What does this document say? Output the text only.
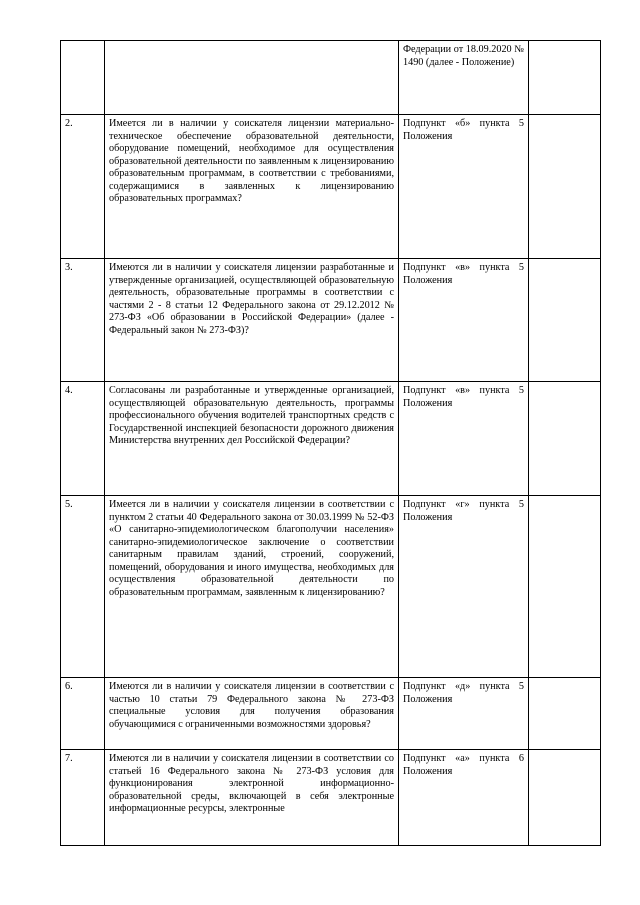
		Федерации от 18.09.2020 № 1490 (далее - Положение)	
2.	Имеется ли в наличии у соискателя лицензии материально-техническое обеспечение образовательной деятельности, оборудование помещений, необходимое для осуществления образовательной деятельности по заявленным к лицензированию образовательным программам, в соответствии с требованиями, содержащимися в заявленных к лицензированию образовательных программах?	Подпункт «б» пункта 5 Положения	
3.	Имеются ли в наличии у соискателя лицензии разработанные и утвержденные организацией, осуществляющей образовательную деятельность, образовательные программы в соответствии с частями 2 - 8 статьи 12 Федерального закона от 29.12.2012 № 273-ФЗ «Об образовании в Российской Федерации» (далее - Федеральный закон № 273-ФЗ)?	Подпункт «в» пункта 5 Положения	
4.	Согласованы ли разработанные и утвержденные организацией, осуществляющей образовательную деятельность, программы профессионального обучения водителей транспортных средств с Государственной инспекцией безопасности дорожного движения Министерства внутренних дел Российской Федерации?	Подпункт «в» пункта 5 Положения	
5.	Имеется ли в наличии у соискателя лицензии в соответствии с пунктом 2 статьи 40 Федерального закона от 30.03.1999 № 52-ФЗ «О санитарно-эпидемиологическом благополучии населения» санитарно-эпидемиологическое заключение о соответствии санитарным правилам зданий, строений, сооружений, помещений, оборудования и иного имущества, необходимых для осуществления образовательной деятельности по образовательным программам, заявленным к лицензированию?	Подпункт «г» пункта 5 Положения	
6.	Имеются ли в наличии у соискателя лицензии в соответствии с частью 10 статьи 79 Федерального закона № 273-ФЗ специальные условия для получения образования обучающимися с ограниченными возможностями здоровья?	Подпункт «д» пункта 5 Положения	
7.	Имеются ли в наличии у соискателя лицензии в соответствии со статьей 16 Федерального закона № 273-ФЗ условия для функционирования электронной информационно-образовательной среды, включающей в себя электронные информационные ресурсы, электронные	Подпункт «а» пункта 6 Положения	
